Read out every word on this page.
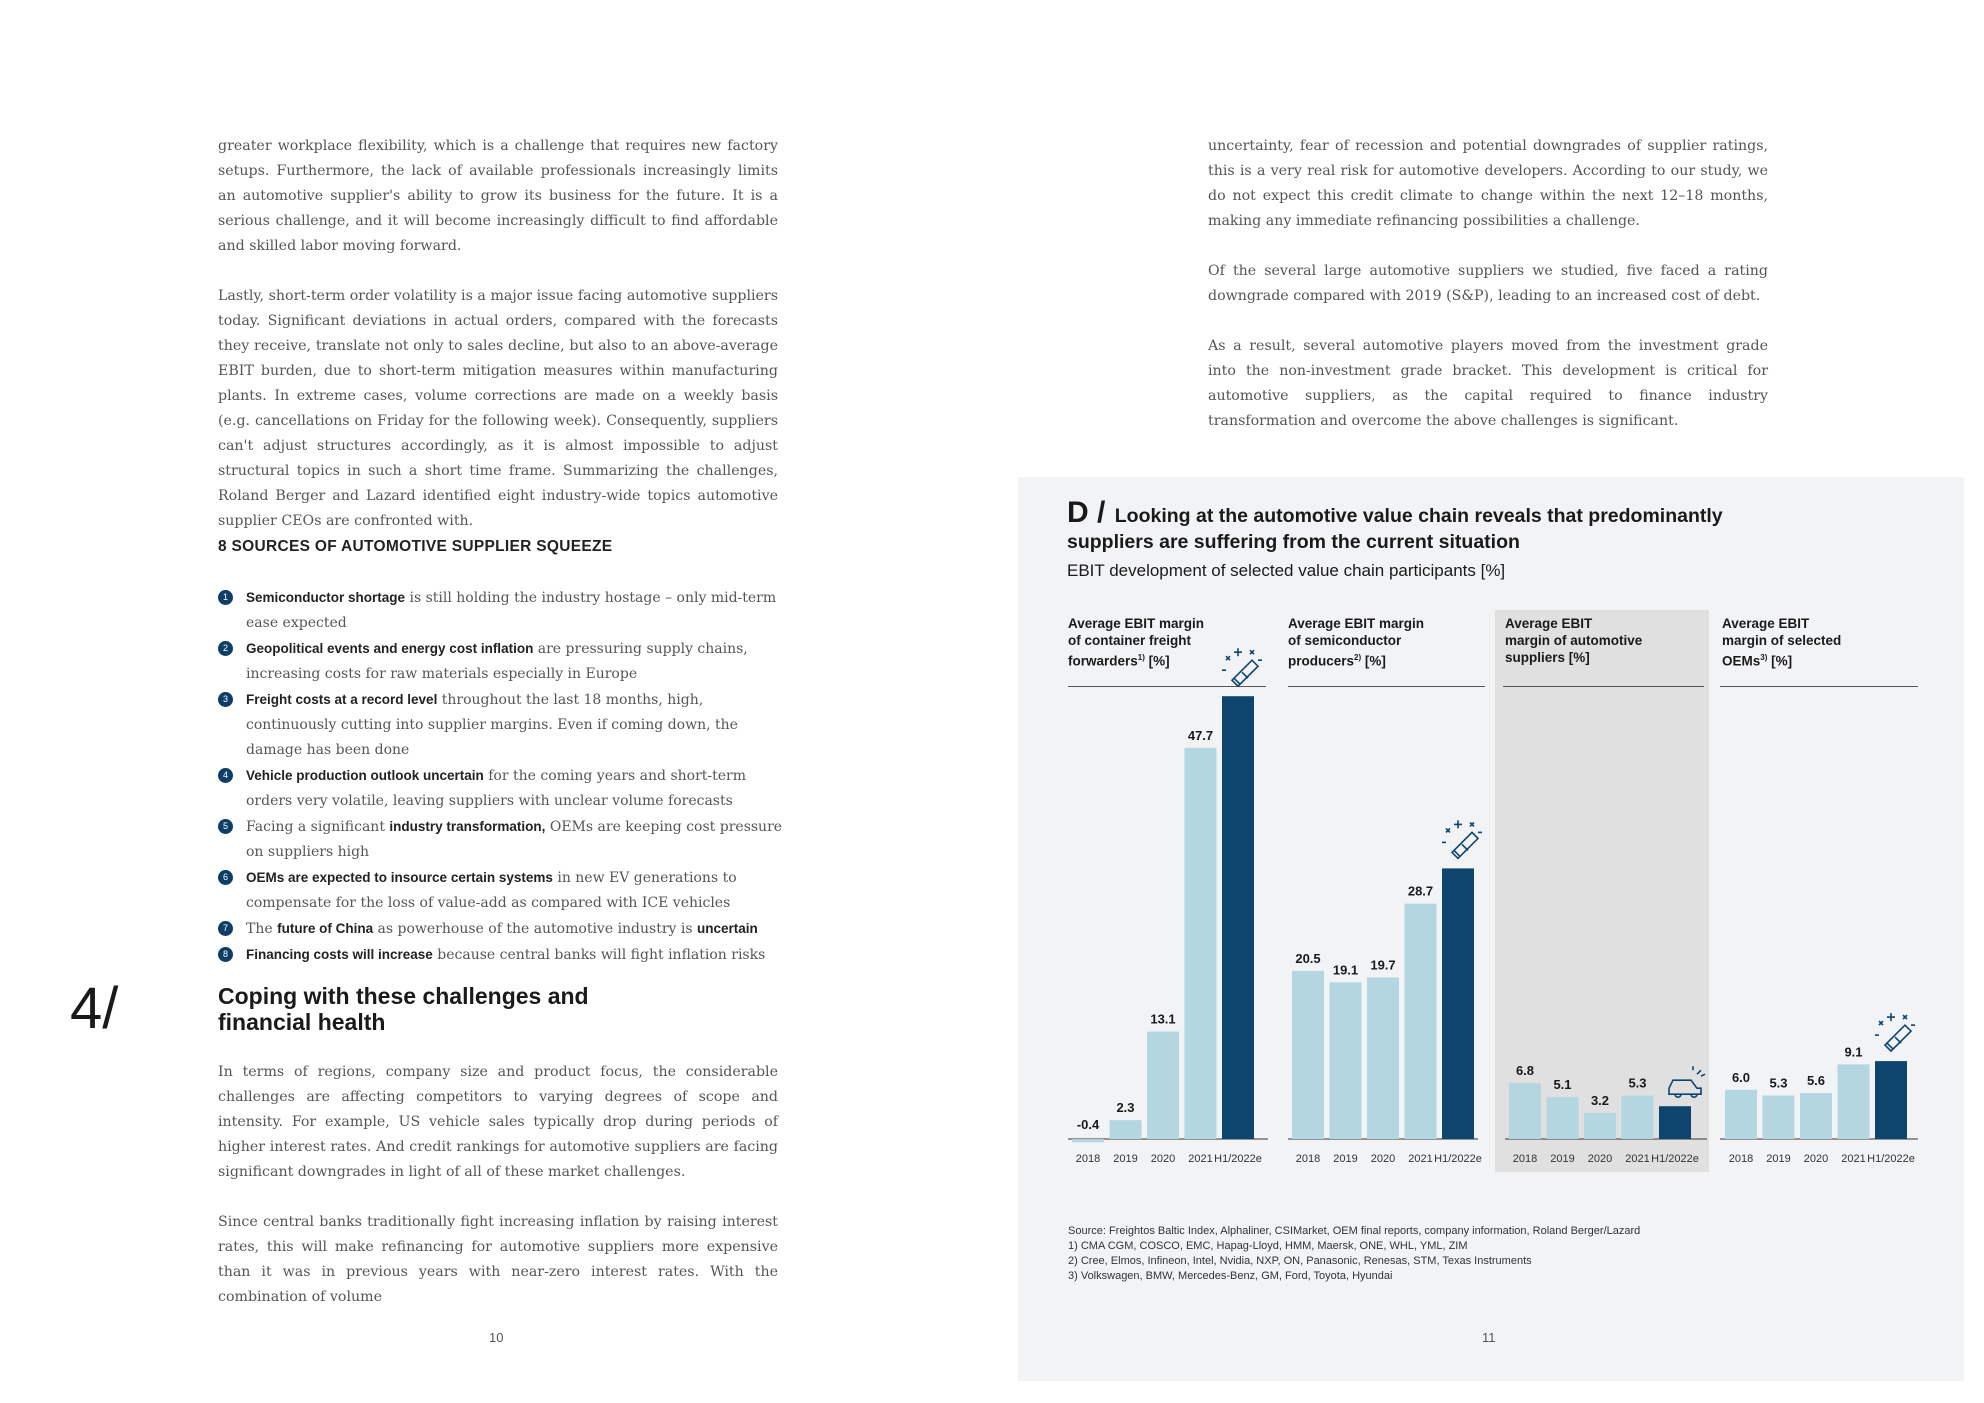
greater workplace flexibility, which is a challenge that requires new factory setups. Furthermore, the lack of available professionals increasingly limits an automotive supplier's ability to grow its business for the future. It is a serious challenge, and it will become increasingly difficult to find affordable and skilled labor moving forward.

Lastly, short-term order volatility is a major issue facing automotive suppliers today. Significant deviations in actual orders, compared with the forecasts they receive, translate not only to sales decline, but also to an above-average EBIT burden, due to short-term mitigation measures within manufacturing plants. In extreme cases, volume corrections are made on a weekly basis (e.g. cancellations on Friday for the following week). Consequently, suppliers can't adjust structures accordingly, as it is almost impossible to adjust structural topics in such a short time frame. Summarizing the challenges, Roland Berger and Lazard identified eight industry-wide topics automotive supplier CEOs are confronted with.

8 SOURCES OF AUTOMOTIVE SUPPLIER SQUEEZE
1	Semiconductor shortage is still holding the industry hostage – only mid-term ease expected
2	Geopolitical events and energy cost inflation are pressuring supply chains, increasing costs for raw materials especially in Europe
3	Freight costs at a record level throughout the last 18 months, high, continuously cutting into supplier margins. Even if coming down, the damage has been done
4	Vehicle production outlook uncertain for the coming years and short-term orders very volatile, leaving suppliers with unclear volume forecasts
5	Facing a significant industry transformation, OEMs are keeping cost pressure on suppliers high
6	OEMs are expected to insource certain systems in new EV generations to compensate for the loss of value-add as compared with ICE vehicles
7	The future of China as powerhouse of the automotive industry is uncertain
8	Financing costs will increase because central banks will fight inflation risks
4/	Coping with these challenges and financial health

In terms of regions, company size and product focus, the considerable challenges are affecting competitors to varying degrees of scope and intensity. For example, US vehicle sales typically drop during periods of higher interest rates. And credit rankings for automotive suppliers are facing significant downgrades in light of all of these market challenges.

Since central banks traditionally fight increasing inflation by raising interest rates, this will make refinancing for automotive suppliers more expensive than it was in previous years with near-zero interest rates. With the combination of volume

10

uncertainty, fear of recession and potential downgrades of supplier ratings, this is a very real risk for automotive developers. According to our study, we do not expect this credit climate to change within the next 12–18 months, making any immediate refinancing possibilities a challenge.

Of the several large automotive suppliers we studied, five faced a rating downgrade compared with 2019 (S&P), leading to an increased cost of debt.

As a result, several automotive players moved from the investment grade into the non-investment grade bracket. This development is critical for automotive suppliers, as the capital required to finance industry transformation and overcome the above challenges is significant.

D / Looking at the automotive value chain reveals that predominantly suppliers are suffering from the current situation

EBIT development of selected value chain participants [%]
Average EBIT margin
of container freight
forwarders$^{1)}$ [%]
Average EBIT margin
of semiconductor
producers$^{2)}$ [%]
Average EBIT
margin of automotive
suppliers [%]
Average EBIT
margin of selected
OEMs$^{3)}$ [%]
-0.4
2018
2.3
2019
13.1
2020
47.7
2021 H1/2022e
20.5
2018
19.1
2019
19.7
2020
28.7
2021 H1/2022e
6.8
2018
5.1
2019
3.2
2020
5.3
2021 H1/2022e
6.0
2018
5.3
2019
5.6
2020
9.1
2021 H1/2022e
Source: Freightos Baltic Index, Alphaliner, CSIMarket, OEM final reports, company information, Roland Berger/Lazard
1) CMA CGM, COSCO, EMC, Hapag-Lloyd, HMM, Maersk, ONE, WHL, YML, ZIM
2) Cree, Elmos, Infineon, Intel, Nvidia, NXP, ON, Panasonic, Renesas, STM, Texas Instruments
3) Volkswagen, BMW, Mercedes-Benz, GM, Ford, Toyota, Hyundai
11
